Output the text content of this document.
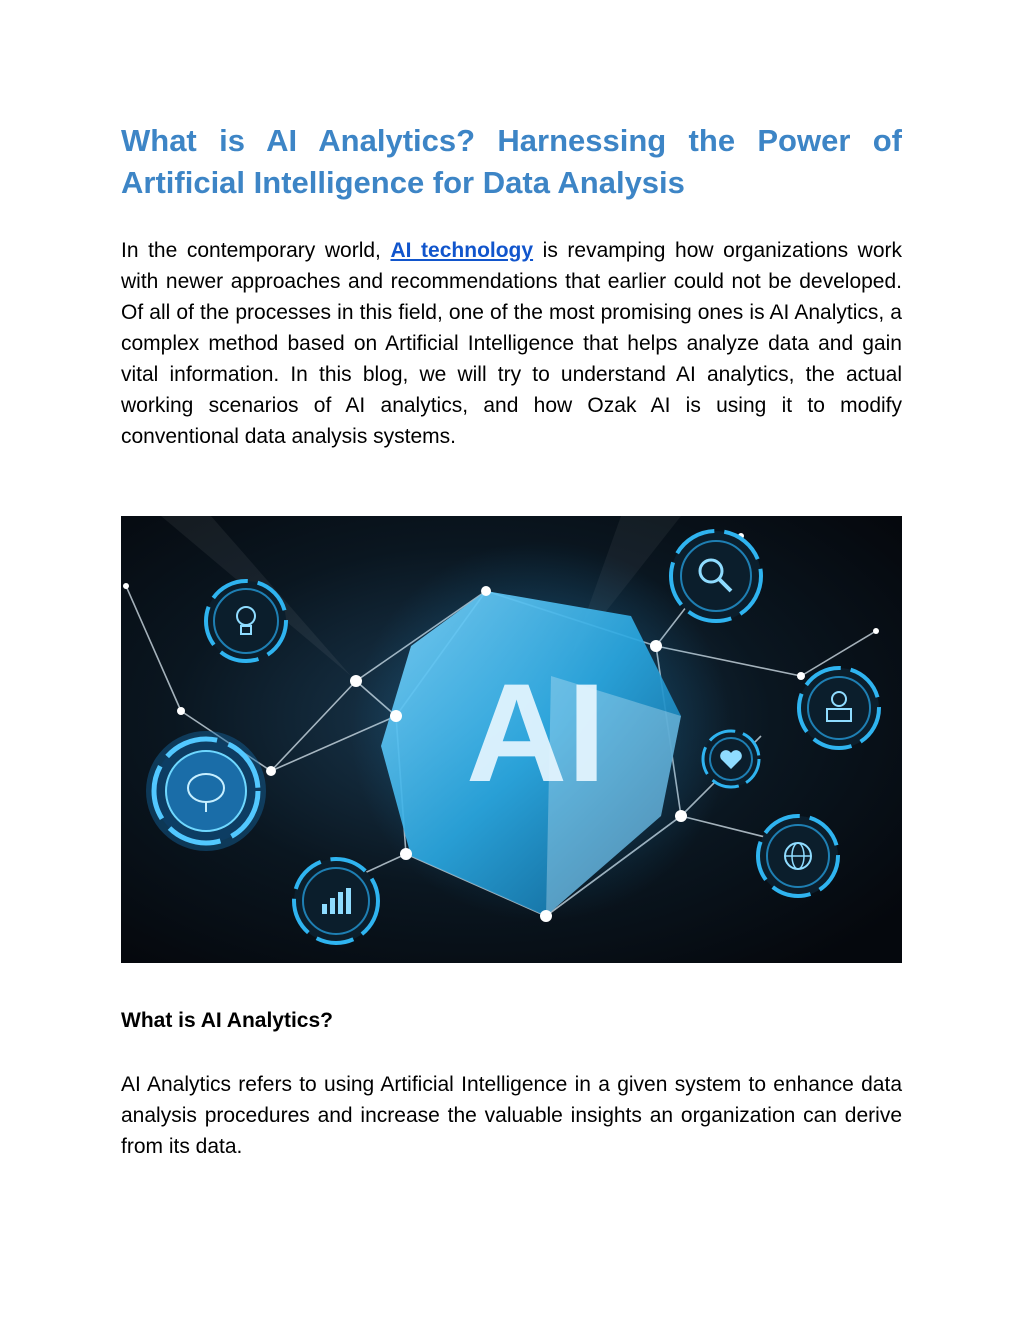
What is AI Analytics? Harnessing the Power of Artificial Intelligence for Data Analysis

In the contemporary world, AI technology is revamping how organizations work with newer approaches and recommendations that earlier could not be developed. Of all of the processes in this field, one of the most promising ones is AI Analytics, a complex method based on Artificial Intelligence that helps analyze data and gain vital information. In this blog, we will try to understand AI analytics, the actual working scenarios of AI analytics, and how Ozak AI is using it to modify conventional data analysis systems.

AI
What is AI Analytics?

AI Analytics refers to using Artificial Intelligence in a given system to enhance data analysis procedures and increase the valuable insights an organization can derive from its data.
